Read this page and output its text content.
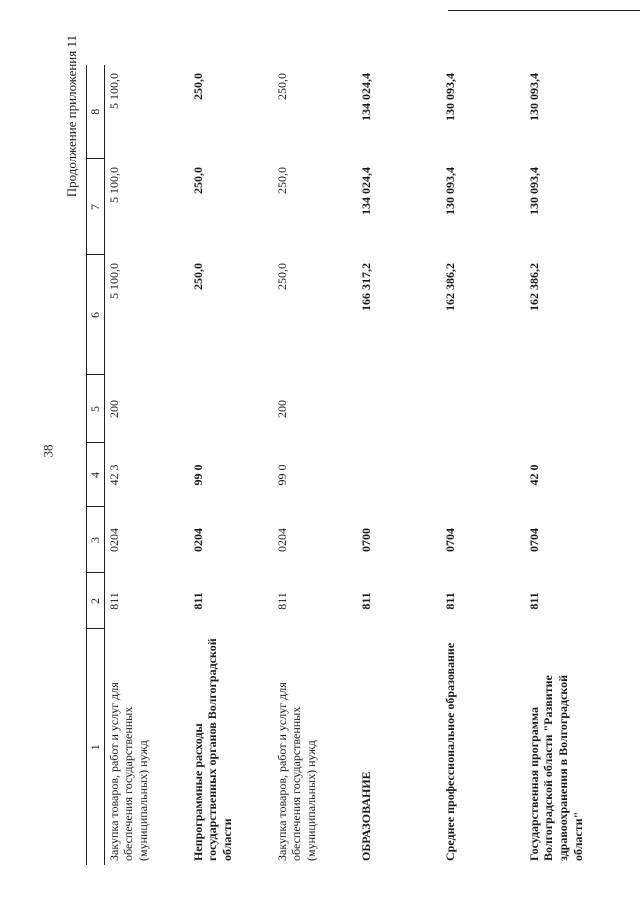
38
Продолжение приложения 11
1	2	3	4	5	6	7	8
Закупка товаров, работ и услуг для обеспечения государственных (муниципальных) нужд	811	0204	42 3	200	5 100,0	5 100,0	5 100,0
Непрограммные расходы государственных органов Волгоградской области	811	0204	99 0		250,0	250,0	250,0
Закупка товаров, работ и услуг для обеспечения государственных (муниципальных) нужд	811	0204	99 0	200	250,0	250,0	250,0
ОБРАЗОВАНИЕ	811	0700			166 317,2	134 024,4	134 024,4
Среднее профессиональное образование	811	0704			162 386,2	130 093,4	130 093,4
Государственная программа Волгоградской области "Развитие здравоохранения в Волгоградской области"	811	0704	42 0		162 386,2	130 093,4	130 093,4
